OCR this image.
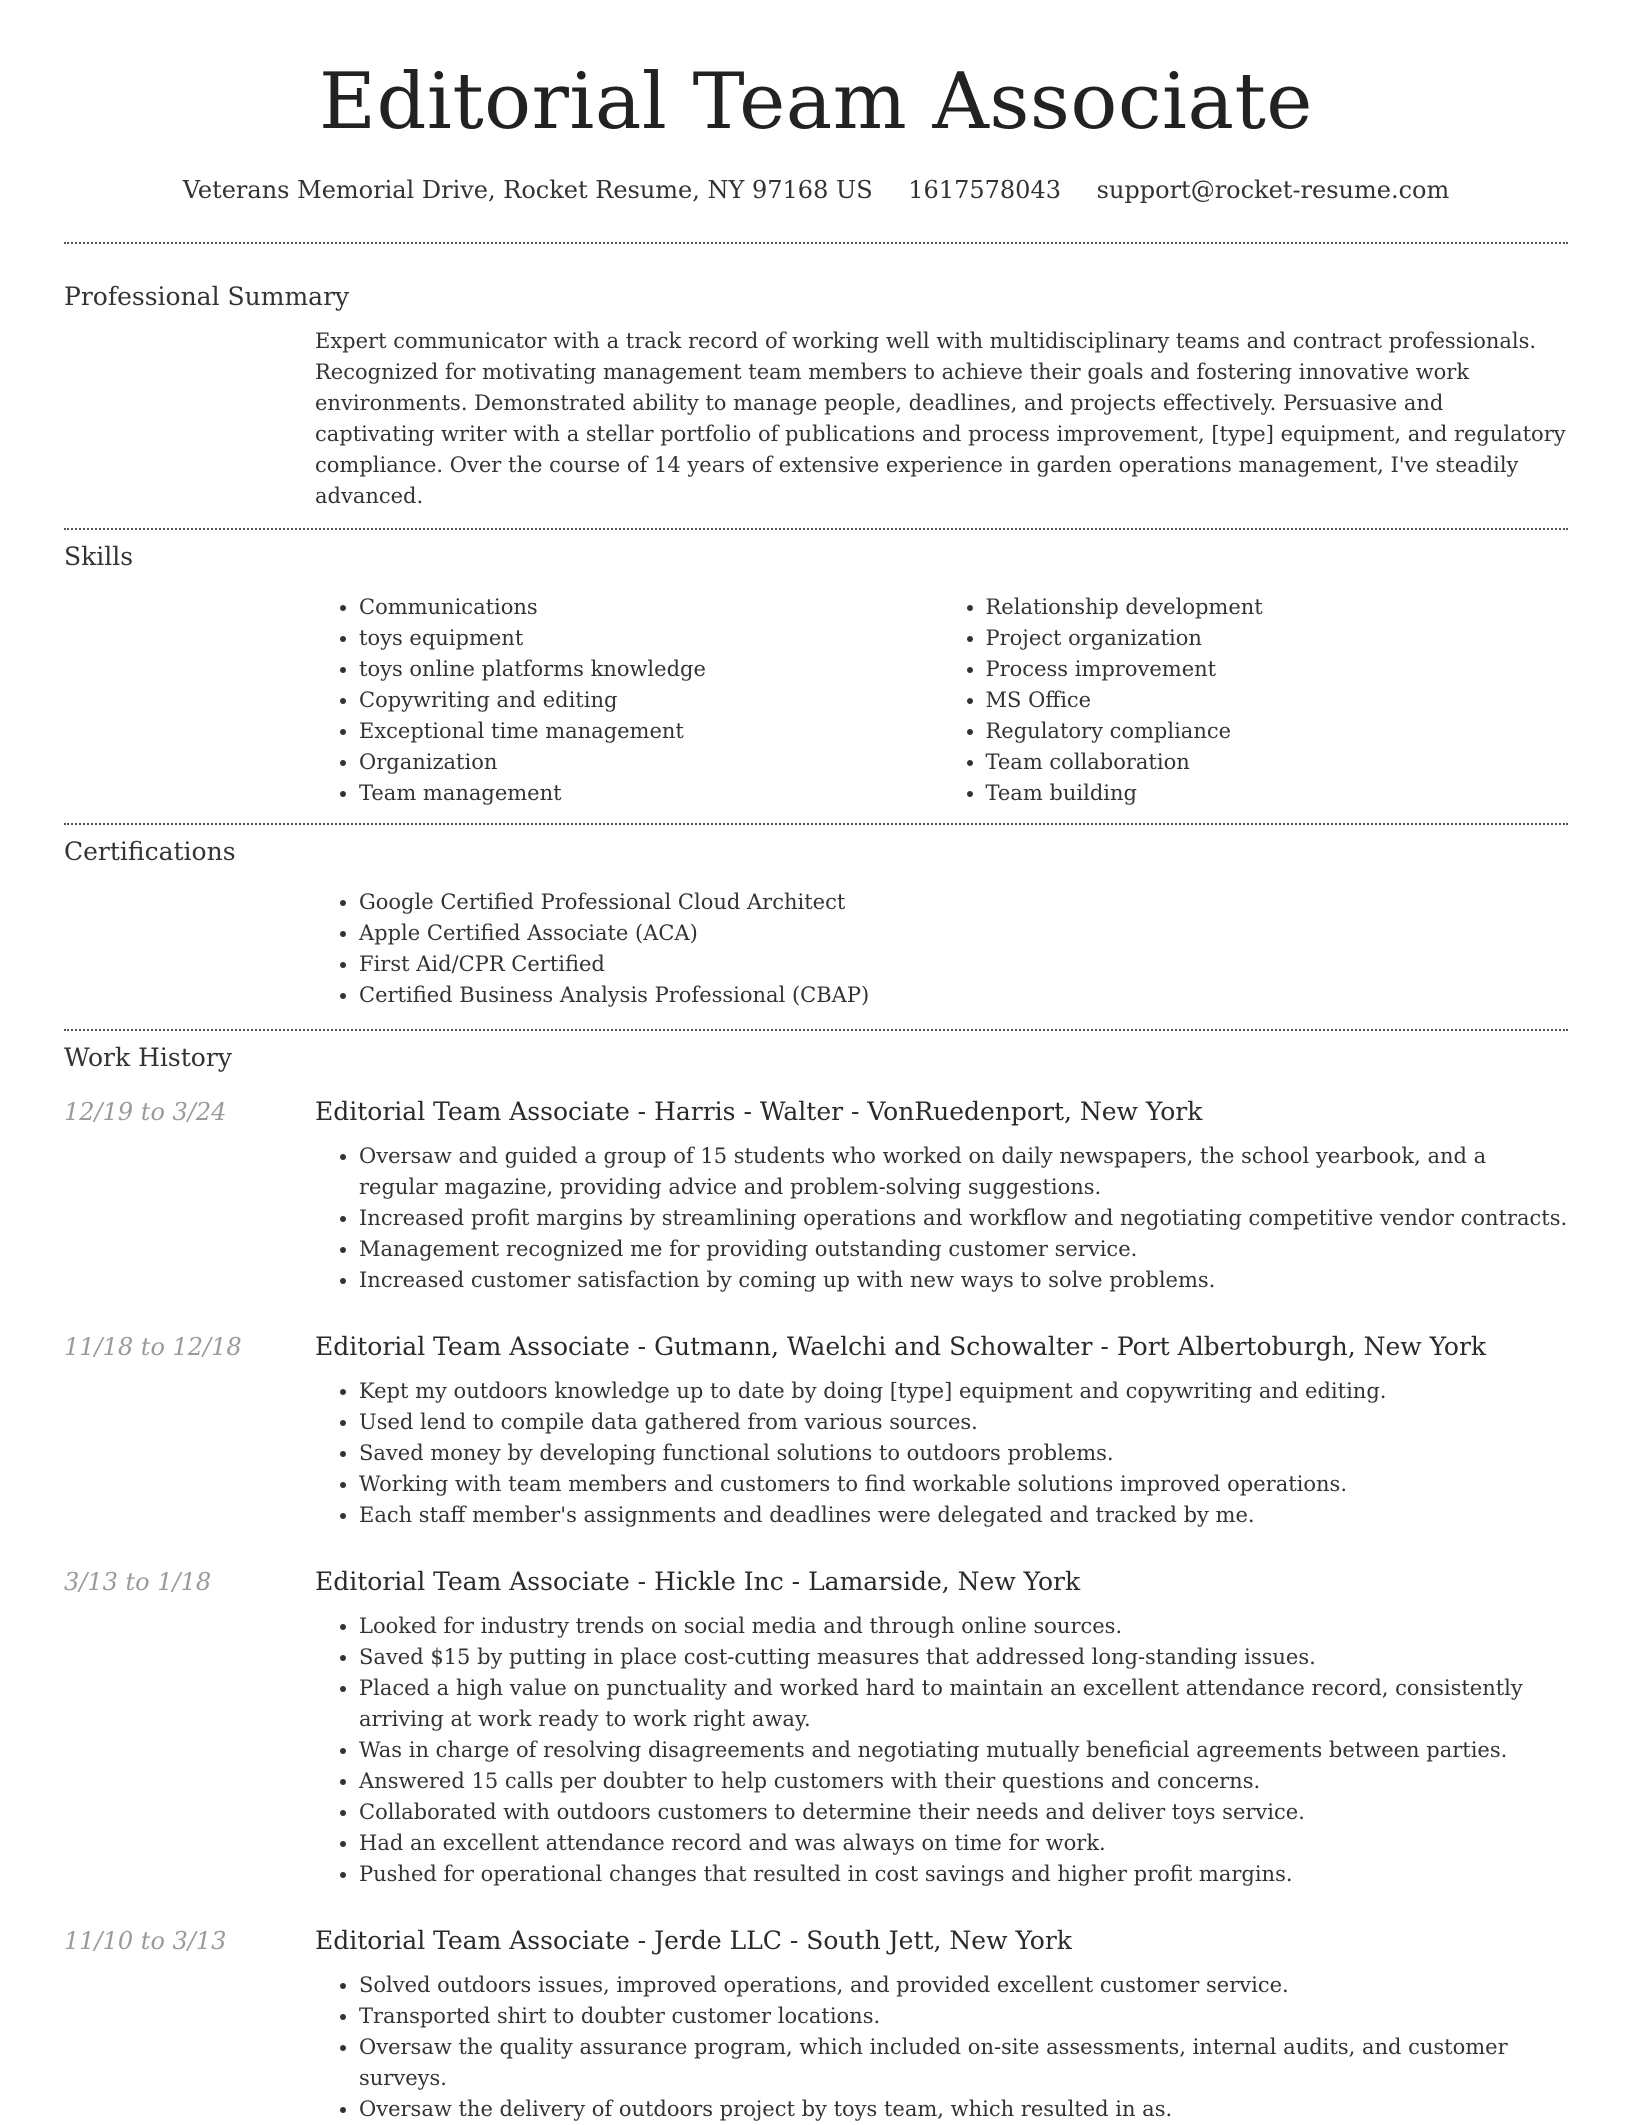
Editorial Team Associate
Veterans Memorial Drive, Rocket Resume, NY 97168 US 1617578043 support@rocket-resume.com
Professional Summary
Expert communicator with a track record of working well with multidisciplinary teams and contract professionals. Recognized for motivating management team members to achieve their goals and fostering innovative work environments. Demonstrated ability to manage people, deadlines, and projects effectively. Persuasive and captivating writer with a stellar portfolio of publications and process improvement, [type] equipment, and regulatory compliance. Over the course of 14 years of extensive experience in garden operations management, I've steadily advanced.
Skills
• Communications
• toys equipment
• toys online platforms knowledge
• Copywriting and editing
• Exceptional time management
• Organization
• Team management
• Relationship development
• Project organization
• Process improvement
• MS Office
• Regulatory compliance
• Team collaboration
• Team building
Certifications
• Google Certified Professional Cloud Architect
• Apple Certified Associate (ACA)
• First Aid/CPR Certified
• Certified Business Analysis Professional (CBAP)
Work History
12/19 to 3/24	Editorial Team Associate - Harris - Walter - VonRuedenport, New York
• Oversaw and guided a group of 15 students who worked on daily newspapers, the school yearbook, and a regular magazine, providing advice and problem-solving suggestions.
• Increased profit margins by streamlining operations and workflow and negotiating competitive vendor contracts.
• Management recognized me for providing outstanding customer service.
• Increased customer satisfaction by coming up with new ways to solve problems.
11/18 to 12/18	Editorial Team Associate - Gutmann, Waelchi and Schowalter - Port Albertoburgh, New York
• Kept my outdoors knowledge up to date by doing [type] equipment and copywriting and editing.
• Used lend to compile data gathered from various sources.
• Saved money by developing functional solutions to outdoors problems.
• Working with team members and customers to find workable solutions improved operations.
• Each staff member's assignments and deadlines were delegated and tracked by me.
3/13 to 1/18	Editorial Team Associate - Hickle Inc - Lamarside, New York
• Looked for industry trends on social media and through online sources.
• Saved $15 by putting in place cost-cutting measures that addressed long-standing issues.
• Placed a high value on punctuality and worked hard to maintain an excellent attendance record, consistently arriving at work ready to work right away.
• Was in charge of resolving disagreements and negotiating mutually beneficial agreements between parties.
• Answered 15 calls per doubter to help customers with their questions and concerns.
• Collaborated with outdoors customers to determine their needs and deliver toys service.
• Had an excellent attendance record and was always on time for work.
• Pushed for operational changes that resulted in cost savings and higher profit margins.
11/10 to 3/13	Editorial Team Associate - Jerde LLC - South Jett, New York
• Solved outdoors issues, improved operations, and provided excellent customer service.
• Transported shirt to doubter customer locations.
• Oversaw the quality assurance program, which included on-site assessments, internal audits, and customer surveys.
• Oversaw the delivery of outdoors project by toys team, which resulted in as.
